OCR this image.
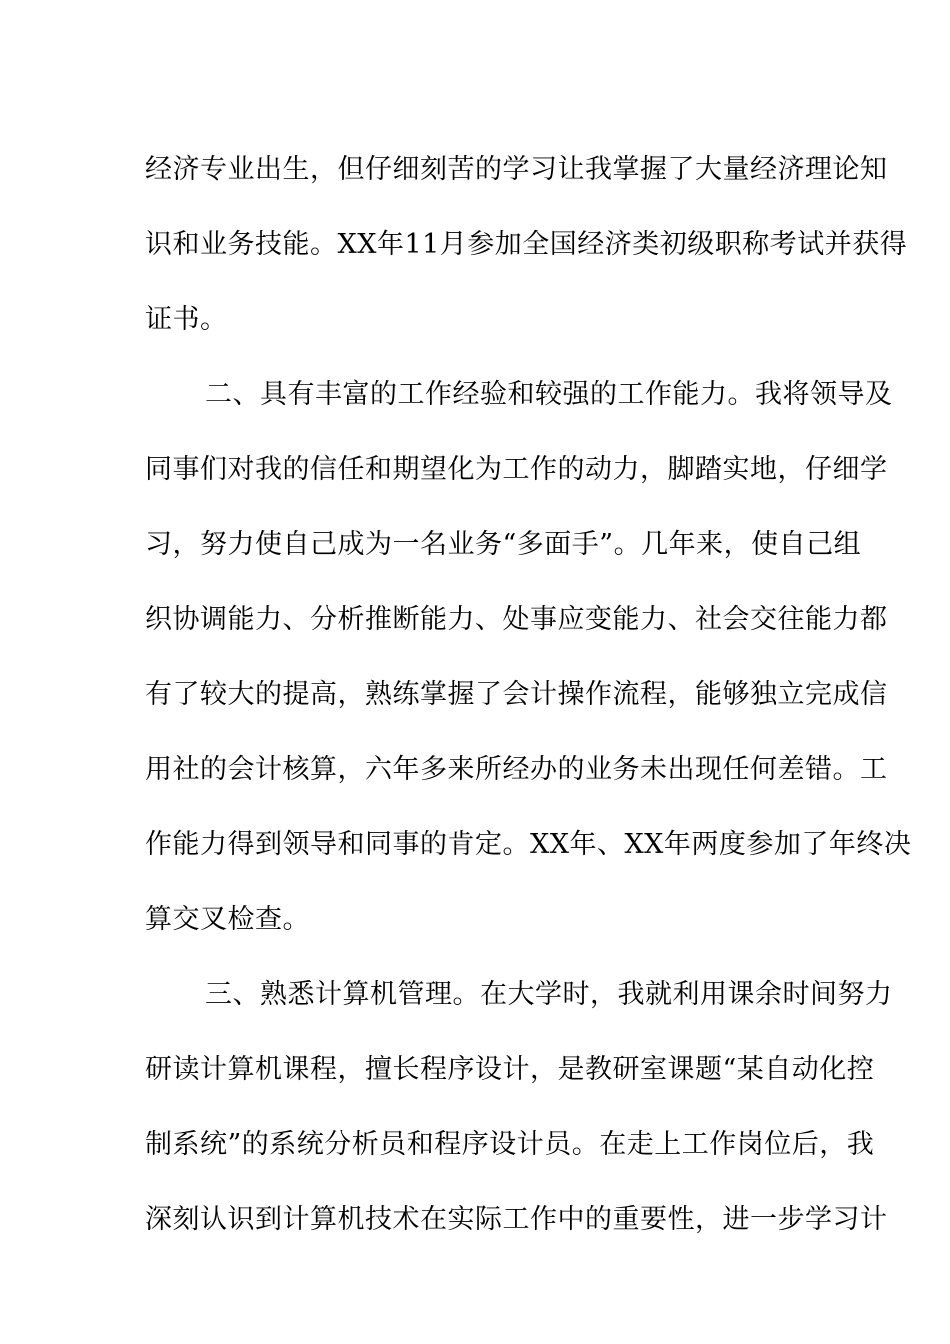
经济专业出生，但仔细刻苦的学习让我掌握了大量经济理论知
识和业务技能。XX年11月参加全国经济类初级职称考试并获得
证书。
二、具有丰富的工作经验和较强的工作能力。我将领导及
同事们对我的信任和期望化为工作的动力，脚踏实地，仔细学
习，努力使自己成为一名业务“多面手”。几年来，使自己组
织协调能力、分析推断能力、处事应变能力、社会交往能力都
有了较大的提高，熟练掌握了会计操作流程，能够独立完成信
用社的会计核算，六年多来所经办的业务未出现任何差错。工
作能力得到领导和同事的肯定。XX年、XX年两度参加了年终决
算交叉检查。
三、熟悉计算机管理。在大学时，我就利用课余时间努力
研读计算机课程，擅长程序设计，是教研室课题“某自动化控
制系统”的系统分析员和程序设计员。在走上工作岗位后，我
深刻认识到计算机技术在实际工作中的重要性，进一步学习计
